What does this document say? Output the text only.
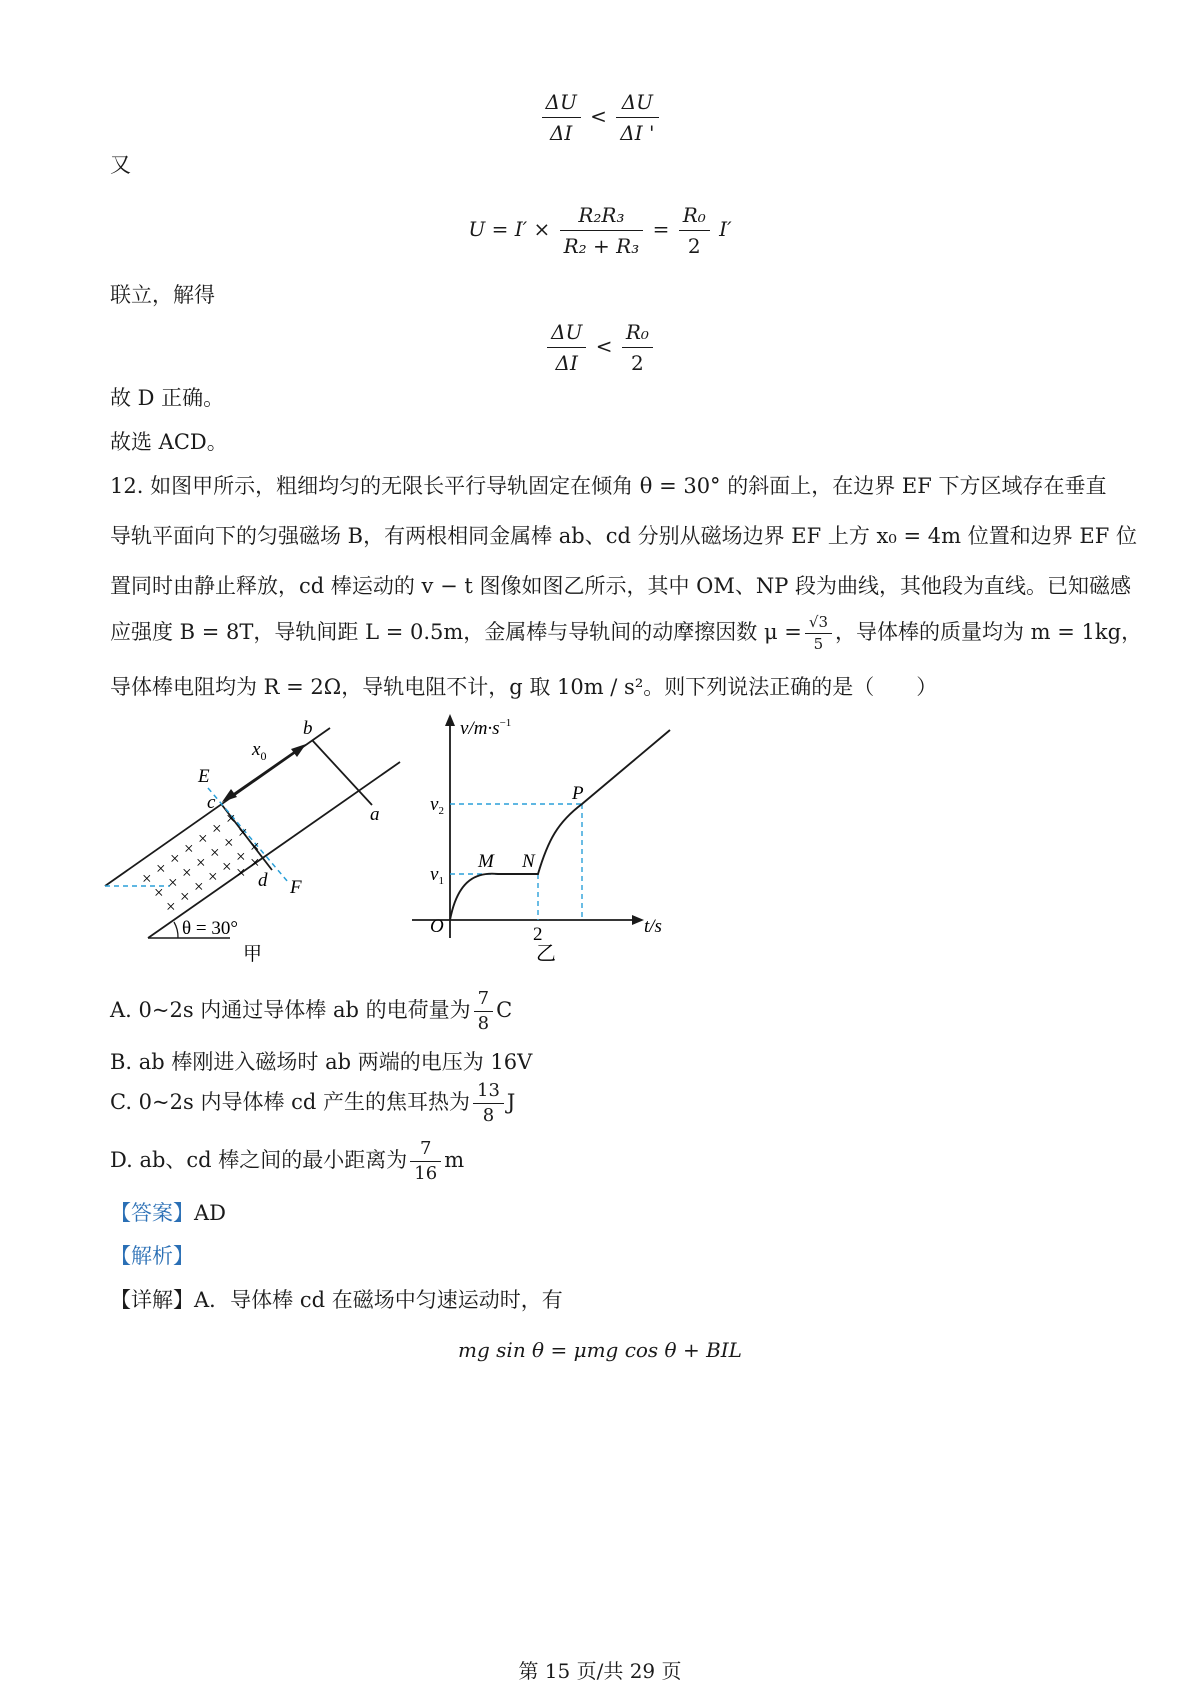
$\frac{\Delta U}{\Delta I} < \frac{\Delta U}{\Delta I '}$
又
$U = I' \times \frac{\text{R₂R₃}}{\text{R₂ + R₃}} = \frac{\text{R₀}}{2} I'$
联立，解得
$\frac{\Delta U}{\Delta I} < \frac{\text{R₀}}{2}$
故 D 正确。
故选 ACD。
12. 如图甲所示，粗细均匀的无限长平行导轨固定在倾角 θ = 30° 的斜面上，在边界 EF 下方区域存在垂直
导轨平面向下的匀强磁场 B，有两根相同金属棒 ab、cd 分别从磁场边界 EF 上方 x₀ = 4m 位置和边界 EF 位
置同时由静止释放，cd 棒运动的 v − t 图像如图乙所示，其中 OM、NP 段为曲线，其他段为直线。已知磁感
应强度 B = 8T，导轨间距 L = 0.5m，金属棒与导轨间的动摩擦因数 $\mu = \frac{√3}{5}$ ，导体棒的质量均为 m = 1kg，
导体棒电阻均为 R = 2Ω，导轨电阻不计，g 取 10m / s²。则下列说法正确的是（　　）
b
a
E
c
d F
$x_0$
θ = 30°
甲
×
×
×
×
×
×
×
×
×
×
×
×
×
×
×
×
×
×
×
×
×
×
×
$v/m\cdot s^{-1}$
t/s
O
$v_2$
$v_1$
2
M N
P
乙
A. 0~2s 内通过导体棒 ab 的电荷量为 $\frac{7}{8}$ C
B. ab 棒刚进入磁场时 ab 两端的电压为 16V
C. 0~2s 内导体棒 cd 产生的焦耳热为 $\frac{13}{8}$ J
D. ab、cd 棒之间的最小距离为 $\frac{7}{16}$ m
【答案】AD
【解析】
【详解】A．导体棒 cd 在磁场中匀速运动时，有
mg sin θ = μmg cos θ + BIL
第 15 页/共 29 页
